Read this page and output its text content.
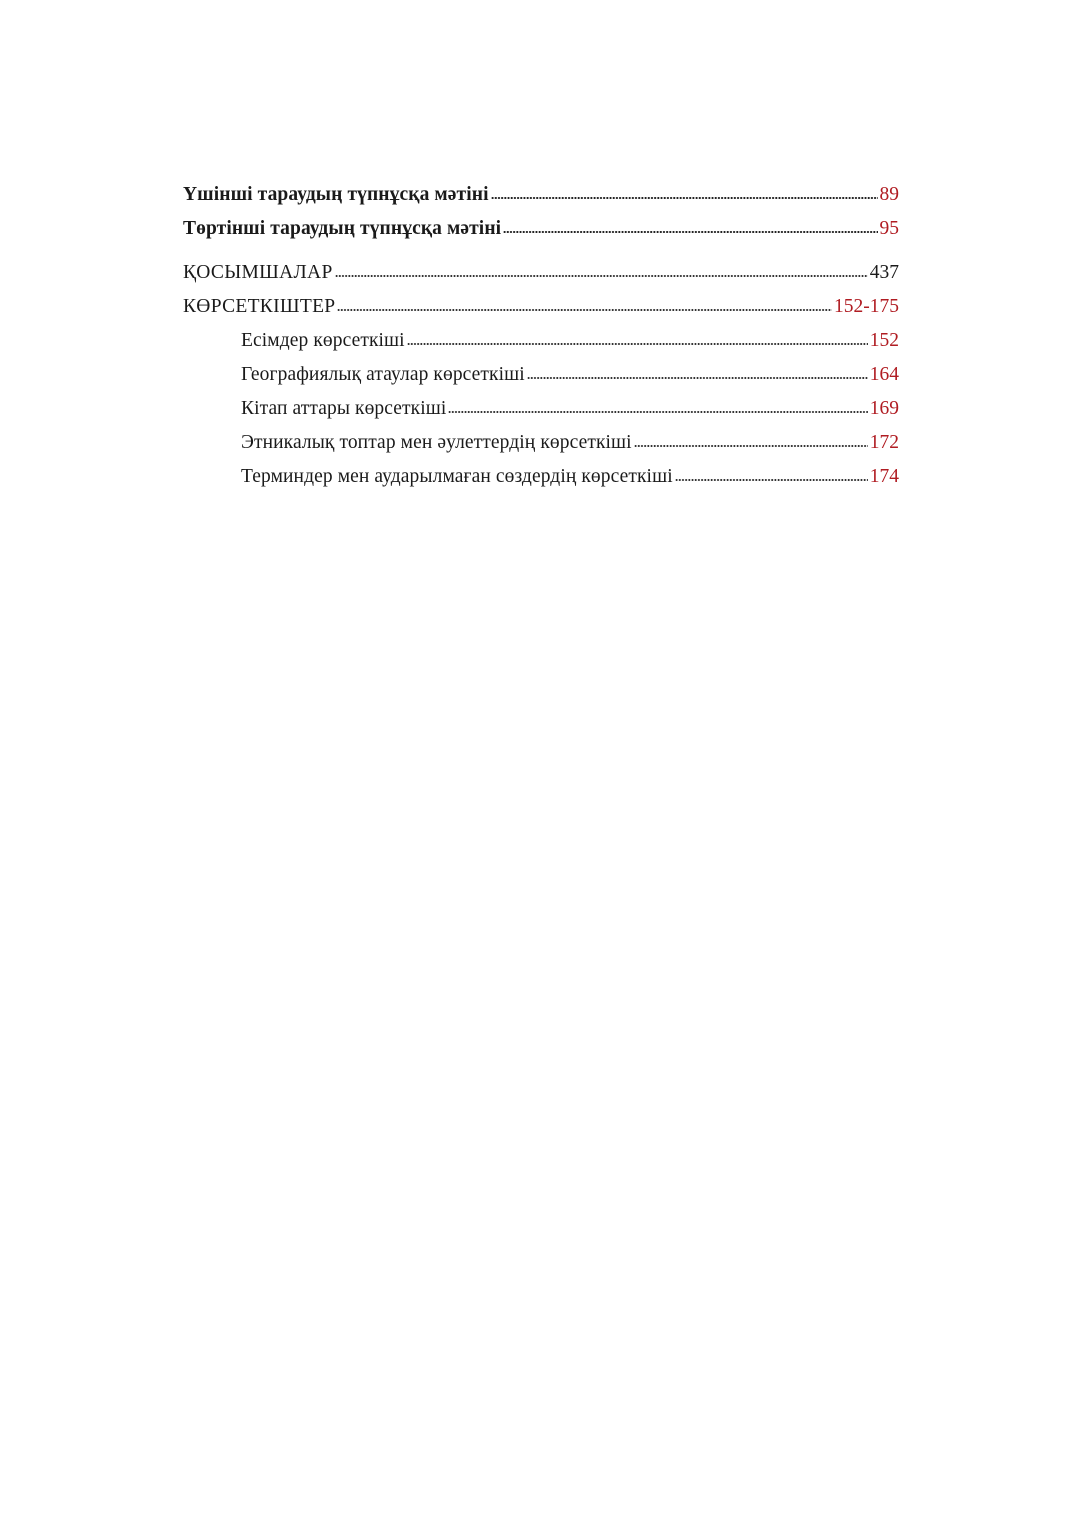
Үшінші тараудың түпнұсқа мәтіні	89
Төртінші тараудың түпнұсқа мәтіні	95
ҚОСЫМШАЛАР	437
КӨРСЕТКІШТЕР	152-175
Есімдер көрсеткіші	152
Географиялық атаулар көрсеткіші	164
Кітап аттары көрсеткіші	169
Этникалық топтар мен әулеттердің көрсеткіші	172
Терминдер мен аударылмаған сөздердің көрсеткіші	174
